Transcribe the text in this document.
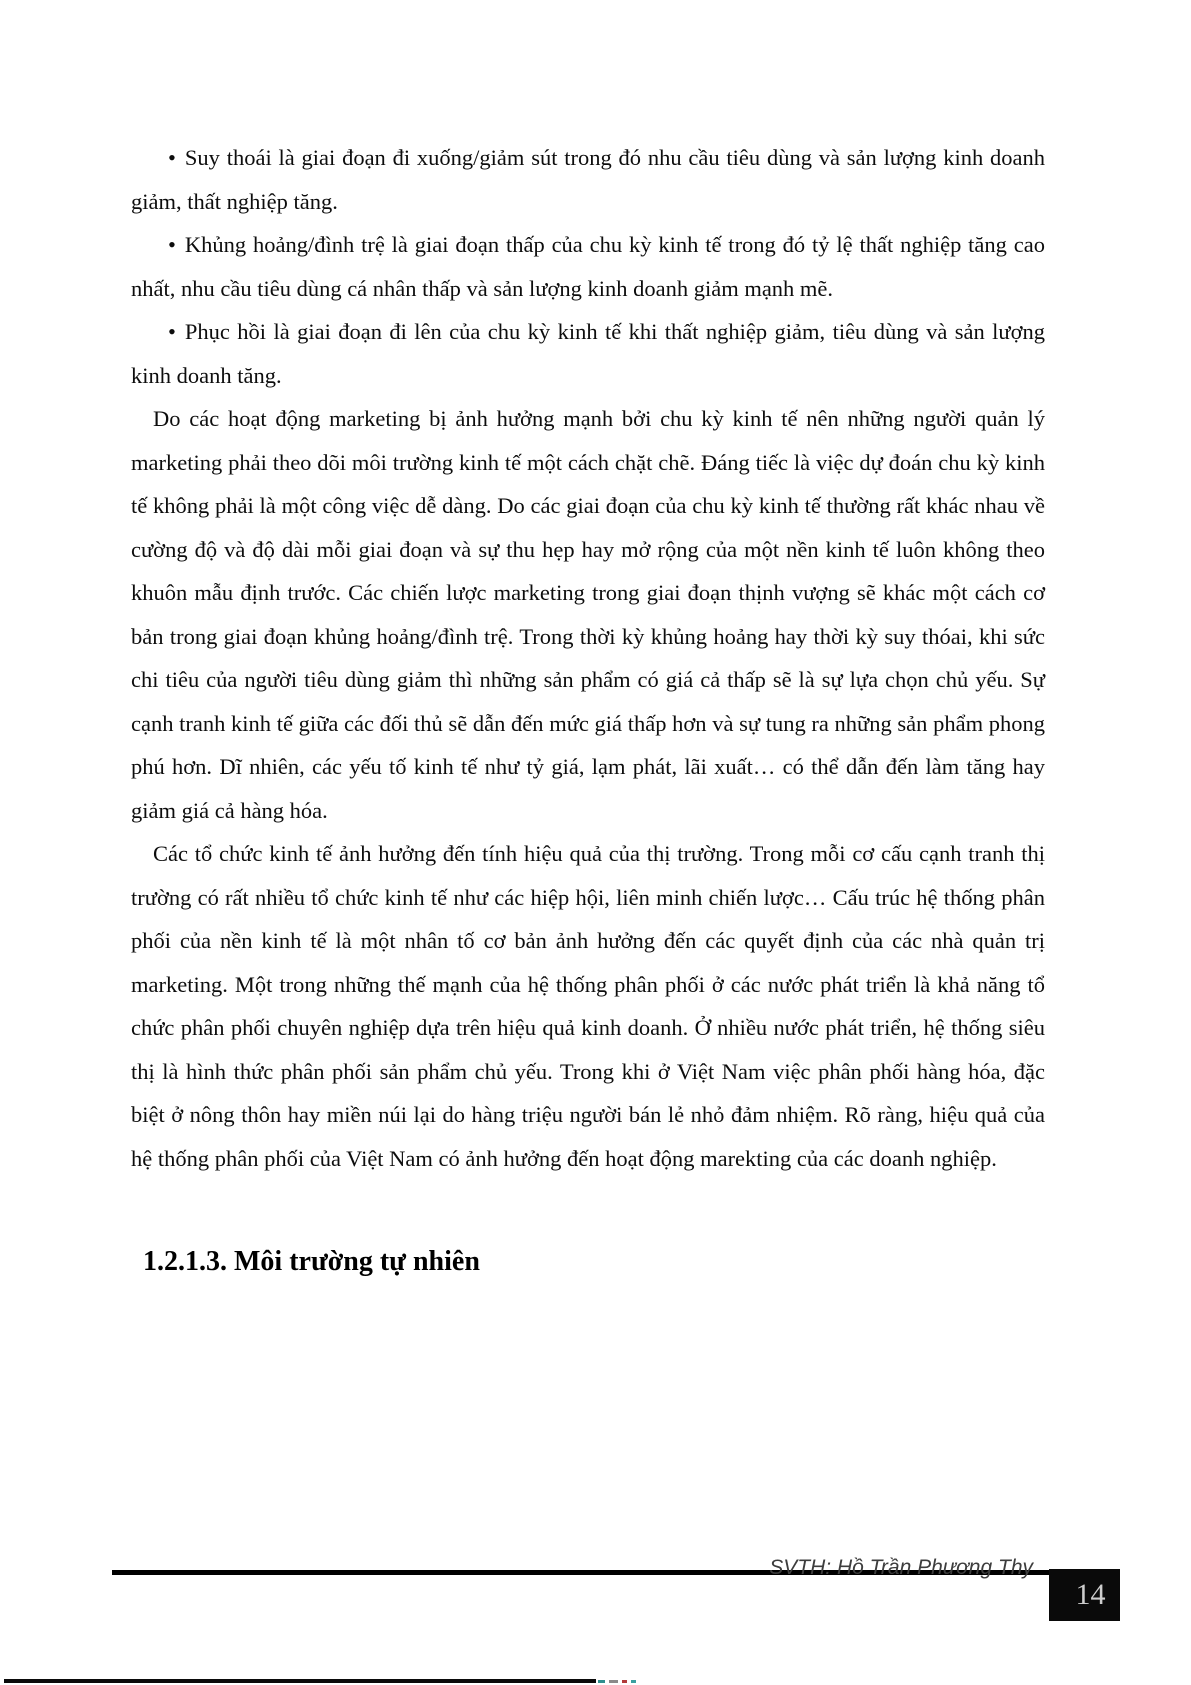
• Suy thoái là giai đoạn đi xuống/giảm sút trong đó nhu cầu tiêu dùng và sản lượng kinh doanh giảm, thất nghiệp tăng.

• Khủng hoảng/đình trệ là giai đoạn thấp của chu kỳ kinh tế trong đó tỷ lệ thất nghiệp tăng cao nhất, nhu cầu tiêu dùng cá nhân thấp và sản lượng kinh doanh giảm mạnh mẽ.

• Phục hồi là giai đoạn đi lên của chu kỳ kinh tế khi thất nghiệp giảm, tiêu dùng và sản lượng kinh doanh tăng.

Do các hoạt động marketing bị ảnh hưởng mạnh bởi chu kỳ kinh tế nên những người quản lý marketing phải theo dõi môi trường kinh tế một cách chặt chẽ. Đáng tiếc là việc dự đoán chu kỳ kinh tế không phải là một công việc dễ dàng. Do các giai đoạn của chu kỳ kinh tế thường rất khác nhau về cường độ và độ dài mỗi giai đoạn và sự thu hẹp hay mở rộng của một nền kinh tế luôn không theo khuôn mẫu định trước. Các chiến lược marketing trong giai đoạn thịnh vượng sẽ khác một cách cơ bản trong giai đoạn khủng hoảng/đình trệ. Trong thời kỳ khủng hoảng hay thời kỳ suy thóai, khi sức chi tiêu của người tiêu dùng giảm thì những sản phẩm có giá cả thấp sẽ là sự lựa chọn chủ yếu. Sự cạnh tranh kinh tế giữa các đối thủ sẽ dẫn đến mức giá thấp hơn và sự tung ra những sản phẩm phong phú hơn. Dĩ nhiên, các yếu tố kinh tế như tỷ giá, lạm phát, lãi xuất… có thể dẫn đến làm tăng hay giảm giá cả hàng hóa.

Các tổ chức kinh tế ảnh hưởng đến tính hiệu quả của thị trường. Trong mỗi cơ cấu cạnh tranh thị trường có rất nhiều tổ chức kinh tế như các hiệp hội, liên minh chiến lược… Cấu trúc hệ thống phân phối của nền kinh tế là một nhân tố cơ bản ảnh hưởng đến các quyết định của các nhà quản trị marketing. Một trong những thế mạnh của hệ thống phân phối ở các nước phát triển là khả năng tổ chức phân phối chuyên nghiệp dựa trên hiệu quả kinh doanh. Ở nhiều nước phát triển, hệ thống siêu thị là hình thức phân phối sản phẩm chủ yếu. Trong khi ở Việt Nam việc phân phối hàng hóa, đặc biệt ở nông thôn hay miền núi lại do hàng triệu người bán lẻ nhỏ đảm nhiệm. Rõ ràng, hiệu quả của hệ thống phân phối của Việt Nam có ảnh hưởng đến hoạt động marekting của các doanh nghiệp.

1.2.1.3. Môi trường tự nhiên
SVTH: Hồ Trần Phương Thy
14
